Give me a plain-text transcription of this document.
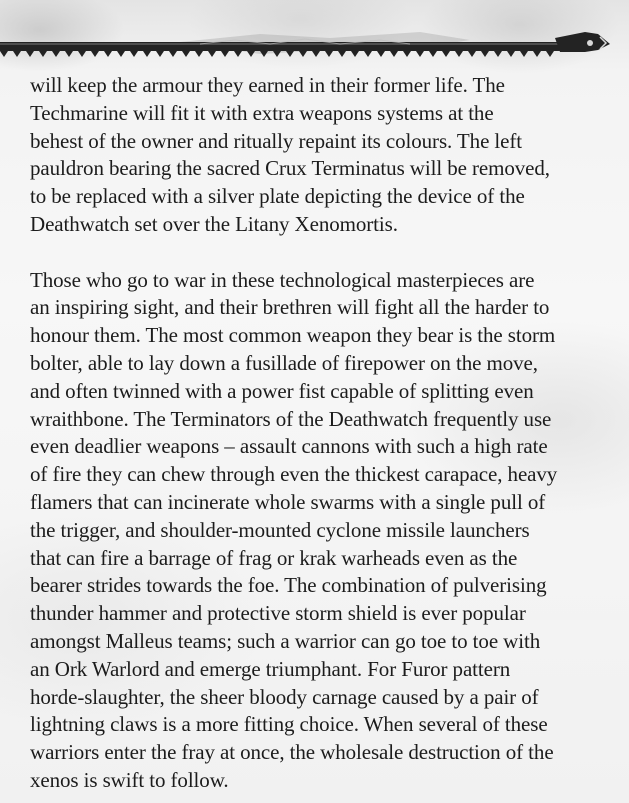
will keep the armour they earned in their former life. The
Techmarine will fit it with extra weapons systems at the
behest of the owner and ritually repaint its colours. The left
pauldron bearing the sacred Crux Terminatus will be removed,
to be replaced with a silver plate depicting the device of the
Deathwatch set over the Litany Xenomortis.

Those who go to war in these technological masterpieces are
an inspiring sight, and their brethren will fight all the harder to
honour them. The most common weapon they bear is the storm
bolter, able to lay down a fusillade of firepower on the move,
and often twinned with a power fist capable of splitting even
wraithbone. The Terminators of the Deathwatch frequently use
even deadlier weapons – assault cannons with such a high rate
of fire they can chew through even the thickest carapace, heavy
flamers that can incinerate whole swarms with a single pull of
the trigger, and shoulder-mounted cyclone missile launchers
that can fire a barrage of frag or krak warheads even as the
bearer strides towards the foe. The combination of pulverising
thunder hammer and protective storm shield is ever popular
amongst Malleus teams; such a warrior can go toe to toe with
an Ork Warlord and emerge triumphant. For Furor pattern
horde-slaughter, the sheer bloody carnage caused by a pair of
lightning claws is a more fitting choice. When several of these
warriors enter the fray at once, the wholesale destruction of the
xenos is swift to follow.
